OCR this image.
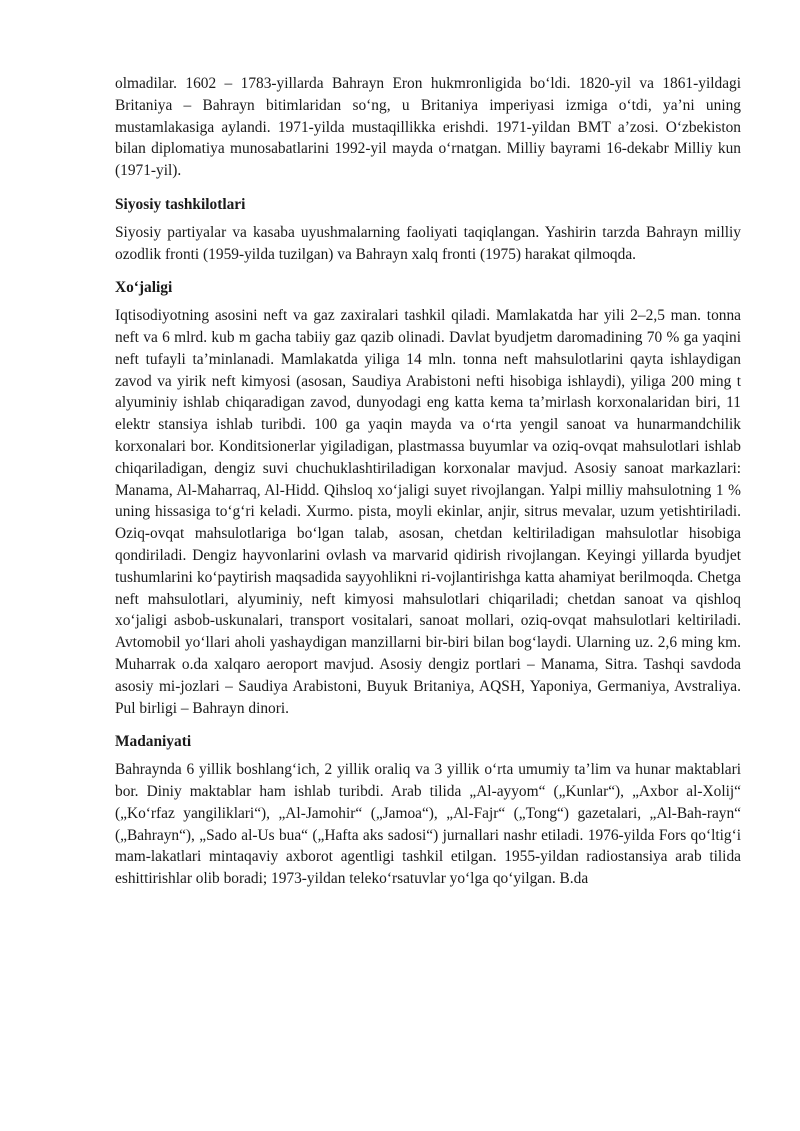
olmadilar. 1602 – 1783-yillarda Bahrayn Eron hukmronligida bo‘ldi. 1820-yil va 1861-yildagi Britaniya – Bahrayn bitimlaridan so‘ng, u Britaniya imperiyasi izmiga o‘tdi, ya’ni uning mustamlakasiga aylandi. 1971-yilda mustaqillikka erishdi. 1971-yildan BMT a’zosi. O‘zbekiston bilan diplomatiya munosabatlarini 1992-yil mayda o‘rnatgan. Milliy bayrami 16-dekabr Milliy kun (1971-yil).

Siyosiy tashkilotlari

Siyosiy partiyalar va kasaba uyushmalarning faoliyati taqiqlangan. Yashirin tarzda Bahrayn milliy ozodlik fronti (1959-yilda tuzilgan) va Bahrayn xalq fronti (1975) harakat qilmoqda.

Xo‘jaligi

Iqtisodiyotning asosini neft va gaz zaxiralari tashkil qiladi. Mamlakatda har yili 2–2,5 man. tonna neft va 6 mlrd. kub m gacha tabiiy gaz qazib olinadi. Davlat byudjetm daromadining 70 % ga yaqini neft tufayli ta’minlanadi. Mamlakatda yiliga 14 mln. tonna neft mahsulotlarini qayta ishlaydigan zavod va yirik neft kimyosi (asosan, Saudiya Arabistoni nefti hisobiga ishlaydi), yiliga 200 ming t alyuminiy ishlab chiqaradigan zavod, dunyodagi eng katta kema ta’mirlash korxonalaridan biri, 11 elektr stansiya ishlab turibdi. 100 ga yaqin mayda va o‘rta yengil sanoat va hunarmandchilik korxonalari bor. Konditsionerlar yigiladigan, plastmassa buyumlar va oziq-ovqat mahsulotlari ishlab chiqariladigan, dengiz suvi chuchuklashtiriladigan korxonalar mavjud. Asosiy sanoat markazlari: Manama, Al-Maharraq, Al-Hidd. Qihsloq xo‘jaligi suyet rivojlangan. Yalpi milliy mahsulotning 1 % uning hissasiga to‘g‘ri keladi. Xurmo. pista, moyli ekinlar, anjir, sitrus mevalar, uzum yetishtiriladi. Oziq-ovqat mahsulotlariga bo‘lgan talab, asosan, chetdan keltiriladigan mahsulotlar hisobiga qondiriladi. Dengiz hayvonlarini ovlash va marvarid qidirish rivojlangan. Keyingi yillarda byudjet tushumlarini ko‘paytirish maqsadida sayyohlikni ri-vojlantirishga katta ahamiyat berilmoqda. Chetga neft mahsulotlari, alyuminiy, neft kimyosi mahsulotlari chiqariladi; chetdan sanoat va qishloq xo‘jaligi asbob-uskunalari, transport vositalari, sanoat mollari, oziq-ovqat mahsulotlari keltiriladi. Avtomobil yo‘llari aholi yashaydigan manzillarni bir-biri bilan bog‘laydi. Ularning uz. 2,6 ming km. Muharrak o.da xalqaro aeroport mavjud. Asosiy dengiz portlari – Manama, Sitra. Tashqi savdoda asosiy mi-jozlari – Saudiya Arabistoni, Buyuk Britaniya, AQSH, Yaponiya, Germaniya, Avstraliya. Pul birligi – Bahrayn dinori.

Madaniyati

Bahraynda 6 yillik boshlang‘ich, 2 yillik oraliq va 3 yillik o‘rta umumiy ta’lim va hunar maktablari bor. Diniy maktablar ham ishlab turibdi. Arab tilida „Al-ayyom“ („Kunlar“), „Axbor al-Xolij“ („Ko‘rfaz yangiliklari“), „Al-Jamohir“ („Jamoa“), „Al-Fajr“ („Tong“) gazetalari, „Al-Bah-rayn“ („Bahrayn“), „Sado al-Us bua“ („Hafta aks sadosi“) jurnallari nashr etiladi. 1976-yilda Fors qo‘ltig‘i mam-lakatlari mintaqaviy axborot agentligi tashkil etilgan. 1955-yildan radiostansiya arab tilida eshittirishlar olib boradi; 1973-yildan teleko‘rsatuvlar yo‘lga qo‘yilgan. B.da
